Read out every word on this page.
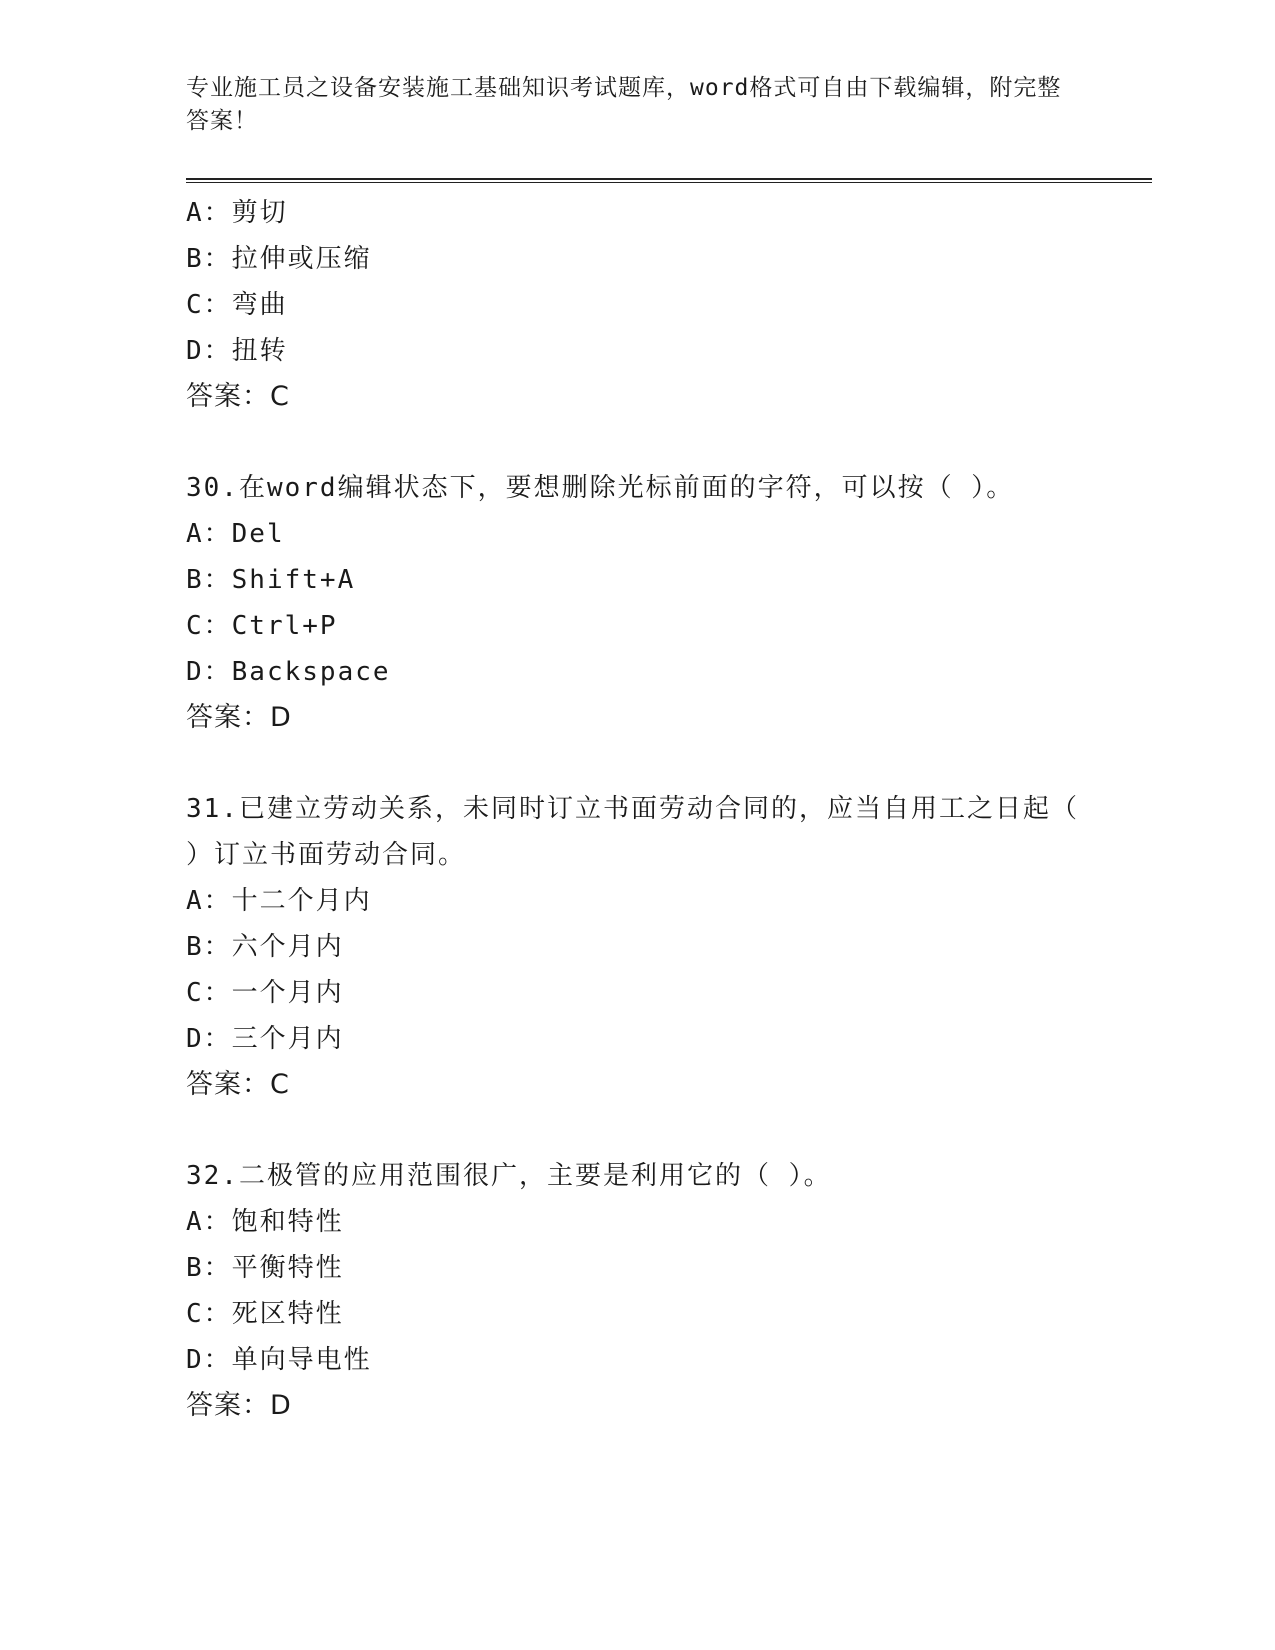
专业施工员之设备安装施工基础知识考试题库，word格式可自由下载编辑，附完整答案！
A：剪切
B：拉伸或压缩
C：弯曲
D：扭转
答案：C
30.在word编辑状态下，要想删除光标前面的字符，可以按（ ）。
A：Del
B：Shift+A
C：Ctrl+P
D：Backspace
答案：D
31.已建立劳动关系，未同时订立书面劳动合同的，应当自用工之日起（ ）订立书面劳动合同。
A：十二个月内
B：六个月内
C：一个月内
D：三个月内
答案：C
32.二极管的应用范围很广，主要是利用它的（ ）。
A：饱和特性
B：平衡特性
C：死区特性
D：单向导电性
答案：D
